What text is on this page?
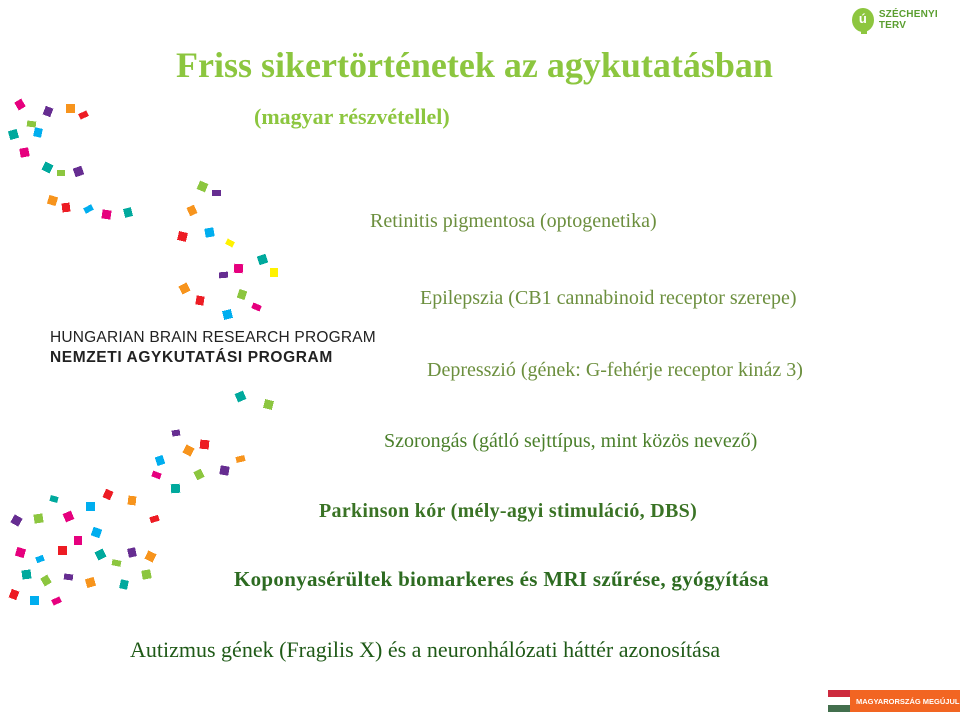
ú	SZÉCHENYI TERV
Friss sikertörténetek az agykutatásban
(magyar részvétellel)
HUNGARIAN BRAIN RESEARCH PROGRAM
NEMZETI AGYKUTATÁSI PROGRAM
Retinitis pigmentosa (optogenetika)
Epilepszia (CB1 cannabinoid receptor szerepe)
Depresszió (gének: G-fehérje receptor kináz 3)
Szorongás (gátló sejttípus, mint közös nevező)
Parkinson kór (mély-agyi stimuláció, DBS)
Koponyasérültek biomarkeres és MRI szűrése, gyógyítása
Autizmus gének (Fragilis X) és a neuronhálózati háttér azonosítása
MAGYARORSZÁG MEGÚJUL
